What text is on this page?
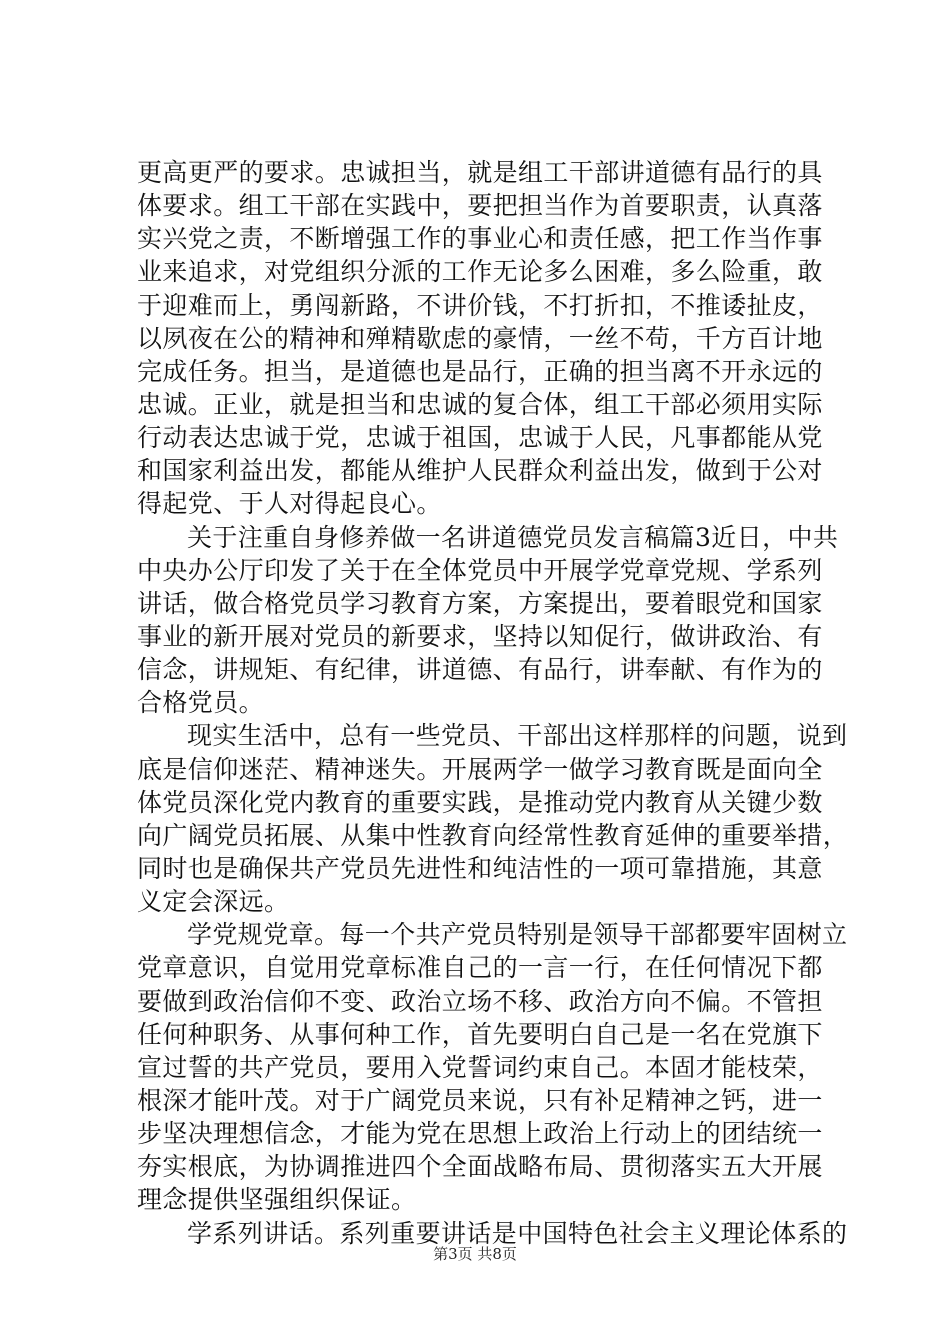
更高更严的要求。忠诚担当，就是组工干部讲道德有品行的具
体要求。组工干部在实践中，要把担当作为首要职责，认真落
实兴党之责，不断增强工作的事业心和责任感，把工作当作事
业来追求，对党组织分派的工作无论多么困难，多么险重，敢
于迎难而上，勇闯新路，不讲价钱，不打折扣，不推诿扯皮，
以夙夜在公的精神和殚精歇虑的豪情，一丝不苟，千方百计地
完成任务。担当，是道德也是品行，正确的担当离不开永远的
忠诚。正业，就是担当和忠诚的复合体，组工干部必须用实际
行动表达忠诚于党，忠诚于祖国，忠诚于人民，凡事都能从党
和国家利益出发，都能从维护人民群众利益出发，做到于公对
得起党、于人对得起良心。
关于注重自身修养做一名讲道德党员发言稿篇3近日，中共
中央办公厅印发了关于在全体党员中开展学党章党规、学系列
讲话，做合格党员学习教育方案，方案提出，要着眼党和国家
事业的新开展对党员的新要求，坚持以知促行，做讲政治、有
信念，讲规矩、有纪律，讲道德、有品行，讲奉献、有作为的
合格党员。
现实生活中，总有一些党员、干部出这样那样的问题，说到
底是信仰迷茫、精神迷失。开展两学一做学习教育既是面向全
体党员深化党内教育的重要实践，是推动党内教育从关键少数
向广阔党员拓展、从集中性教育向经常性教育延伸的重要举措，
同时也是确保共产党员先进性和纯洁性的一项可靠措施，其意
义定会深远。
学党规党章。每一个共产党员特别是领导干部都要牢固树立
党章意识，自觉用党章标准自己的一言一行，在任何情况下都
要做到政治信仰不变、政治立场不移、政治方向不偏。不管担
任何种职务、从事何种工作，首先要明白自己是一名在党旗下
宣过誓的共产党员，要用入党誓词约束自己。本固才能枝荣，
根深才能叶茂。对于广阔党员来说，只有补足精神之钙，进一
步坚决理想信念，才能为党在思想上政治上行动上的团结统一
夯实根底，为协调推进四个全面战略布局、贯彻落实五大开展
理念提供坚强组织保证。
学系列讲话。系列重要讲话是中国特色社会主义理论体系的
第3页 共8页
